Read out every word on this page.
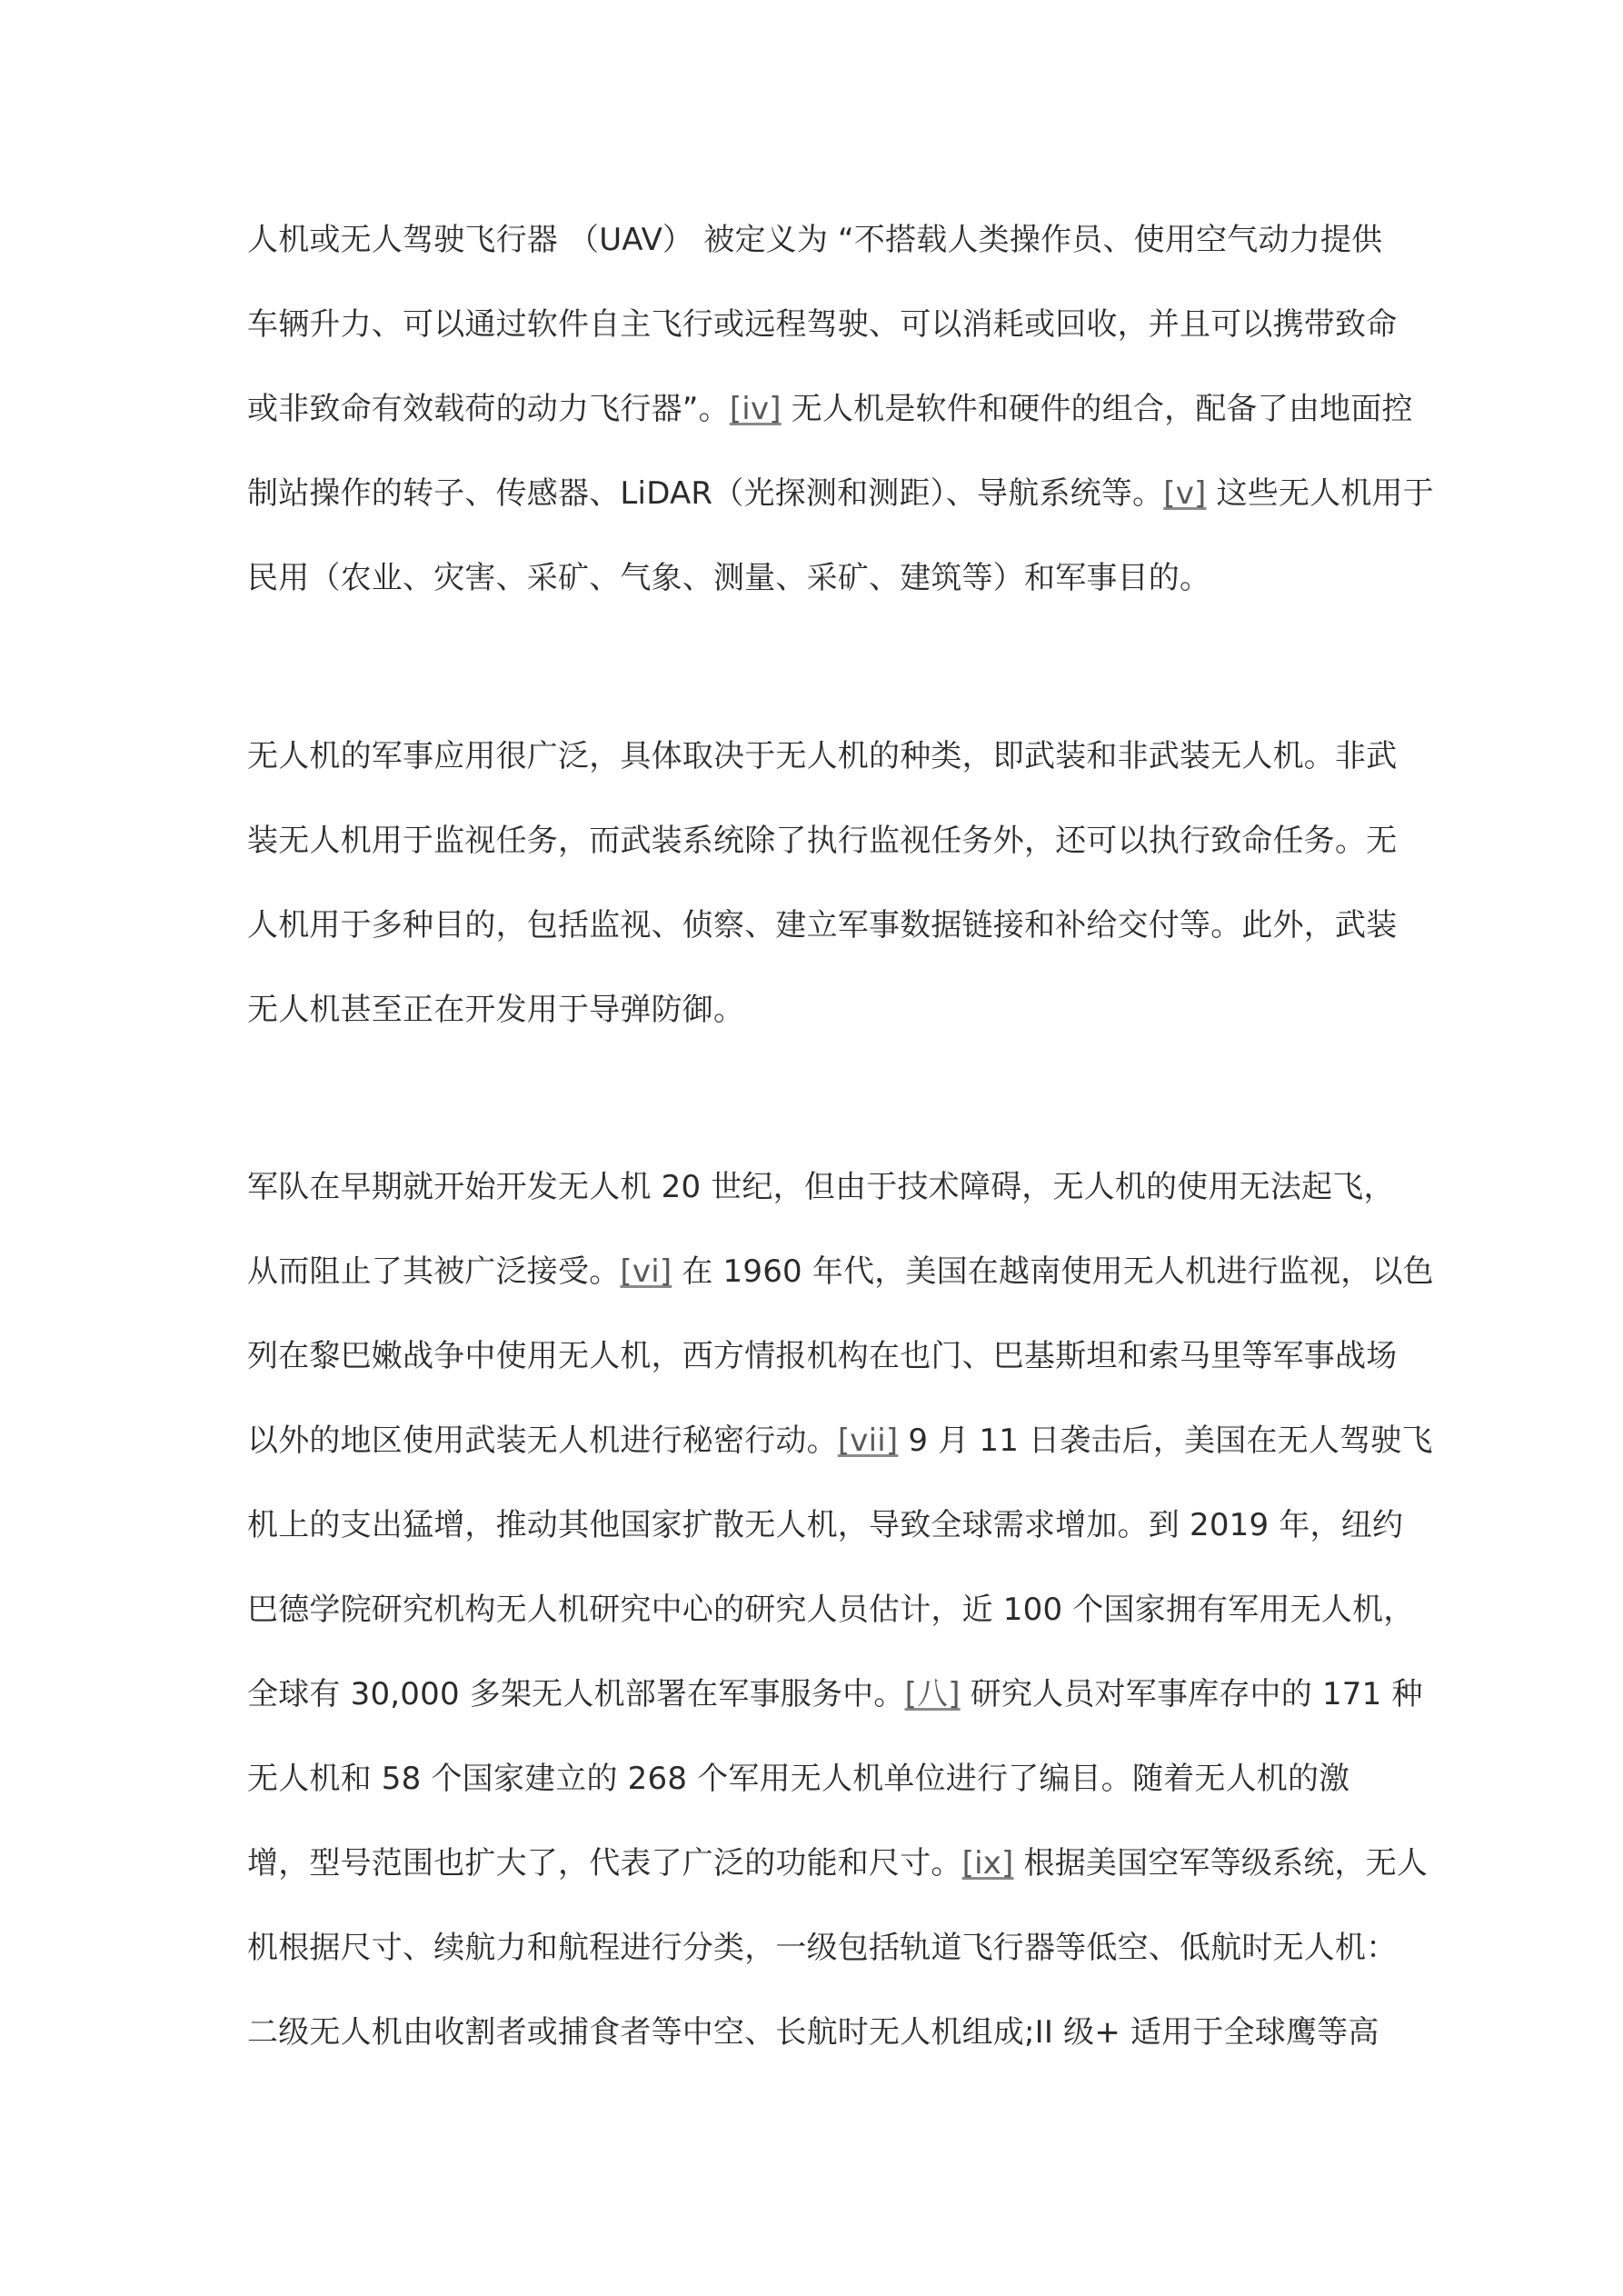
人机或无人驾驶飞行器 （UAV） 被定义为 “不搭载人类操作员、使用空气动力提供
车辆升力、可以通过软件自主飞行或远程驾驶、可以消耗或回收，并且可以携带致命
或非致命有效载荷的动力飞行器”。[iv] 无人机是软件和硬件的组合，配备了由地面控
制站操作的转子、传感器、LiDAR（光探测和测距）、导航系统等。[v] 这些无人机用于
民用（农业、灾害、采矿、气象、测量、采矿、建筑等）和军事目的。
无人机的军事应用很广泛，具体取决于无人机的种类，即武装和非武装无人机。非武
装无人机用于监视任务，而武装系统除了执行监视任务外，还可以执行致命任务。无
人机用于多种目的，包括监视、侦察、建立军事数据链接和补给交付等。此外，武装
无人机甚至正在开发用于导弹防御。
军队在早期就开始开发无人机 20 世纪，但由于技术障碍，无人机的使用无法起飞，
从而阻止了其被广泛接受。[vi] 在 1960 年代，美国在越南使用无人机进行监视，以色
列在黎巴嫩战争中使用无人机，西方情报机构在也门、巴基斯坦和索马里等军事战场
以外的地区使用武装无人机进行秘密行动。[vii] 9 月 11 日袭击后，美国在无人驾驶飞
机上的支出猛增，推动其他国家扩散无人机，导致全球需求增加。到 2019 年，纽约
巴德学院研究机构无人机研究中心的研究人员估计，近 100 个国家拥有军用无人机，
全球有 30,000 多架无人机部署在军事服务中。[八] 研究人员对军事库存中的 171 种
无人机和 58 个国家建立的 268 个军用无人机单位进行了编目。随着无人机的激
增，型号范围也扩大了，代表了广泛的功能和尺寸。[ix] 根据美国空军等级系统，无人
机根据尺寸、续航力和航程进行分类，一级包括轨道飞行器等低空、低航时无人机：
二级无人机由收割者或捕食者等中空、长航时无人机组成;II 级+ 适用于全球鹰等高
